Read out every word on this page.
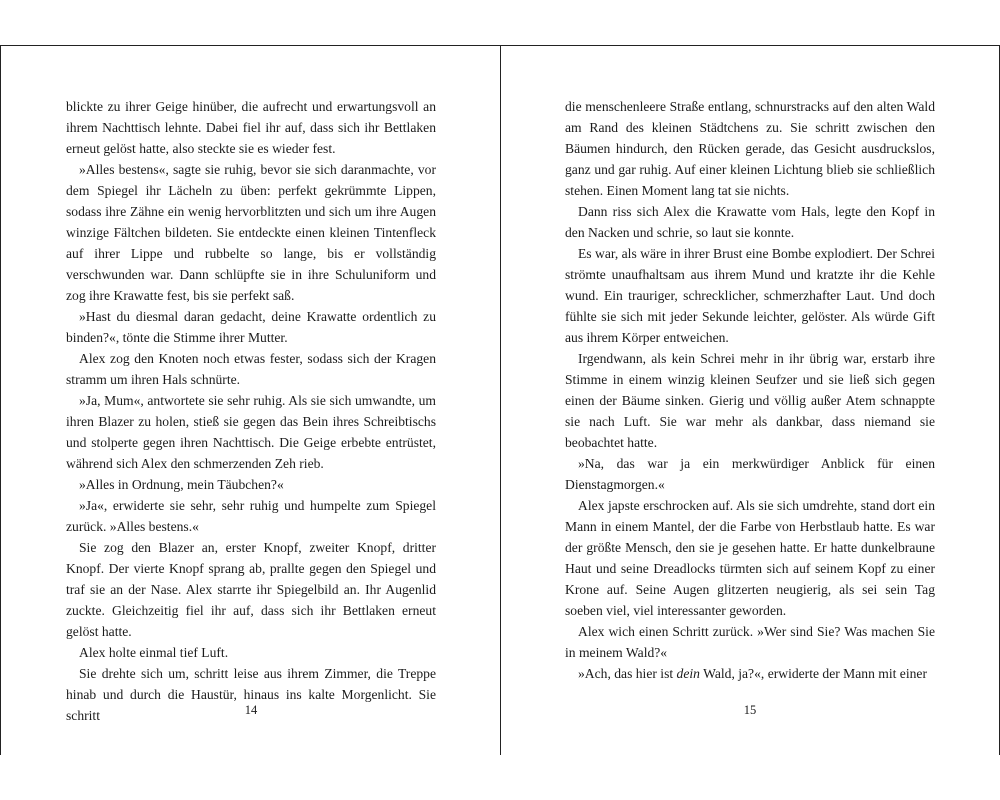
blickte zu ihrer Geige hinüber, die aufrecht und erwartungsvoll an ihrem Nachttisch lehnte. Dabei fiel ihr auf, dass sich ihr Bettlaken erneut gelöst hatte, also steckte sie es wieder fest.

»Alles bestens«, sagte sie ruhig, bevor sie sich daranmachte, vor dem Spiegel ihr Lächeln zu üben: perfekt gekrümmte Lippen, sodass ihre Zähne ein wenig hervorblitzten und sich um ihre Augen winzige Fältchen bildeten. Sie entdeckte einen kleinen Tintenfleck auf ihrer Lippe und rubbelte so lange, bis er vollständig verschwunden war. Dann schlüpfte sie in ihre Schuluniform und zog ihre Krawatte fest, bis sie perfekt saß.

»Hast du diesmal daran gedacht, deine Krawatte ordentlich zu binden?«, tönte die Stimme ihrer Mutter.

Alex zog den Knoten noch etwas fester, sodass sich der Kragen stramm um ihren Hals schnürte.

»Ja, Mum«, antwortete sie sehr ruhig. Als sie sich umwandte, um ihren Blazer zu holen, stieß sie gegen das Bein ihres Schreibtischs und stolperte gegen ihren Nachttisch. Die Geige erbebte entrüstet, während sich Alex den schmerzenden Zeh rieb.

»Alles in Ordnung, mein Täubchen?«

»Ja«, erwiderte sie sehr, sehr ruhig und humpelte zum Spiegel zurück. »Alles bestens.«

Sie zog den Blazer an, erster Knopf, zweiter Knopf, dritter Knopf. Der vierte Knopf sprang ab, prallte gegen den Spiegel und traf sie an der Nase. Alex starrte ihr Spiegelbild an. Ihr Augenlid zuckte. Gleichzeitig fiel ihr auf, dass sich ihr Bettlaken erneut gelöst hatte.

Alex holte einmal tief Luft.

Sie drehte sich um, schritt leise aus ihrem Zimmer, die Treppe hinab und durch die Haustür, hinaus ins kalte Morgenlicht. Sie schritt	14

die menschenleere Straße entlang, schnurstracks auf den alten Wald am Rand des kleinen Städtchens zu. Sie schritt zwischen den Bäumen hindurch, den Rücken gerade, das Gesicht ausdruckslos, ganz und gar ruhig. Auf einer kleinen Lichtung blieb sie schließlich stehen. Einen Moment lang tat sie nichts.

Dann riss sich Alex die Krawatte vom Hals, legte den Kopf in den Nacken und schrie, so laut sie konnte.

Es war, als wäre in ihrer Brust eine Bombe explodiert. Der Schrei strömte unaufhaltsam aus ihrem Mund und kratzte ihr die Kehle wund. Ein trauriger, schrecklicher, schmerzhafter Laut. Und doch fühlte sie sich mit jeder Sekunde leichter, gelöster. Als würde Gift aus ihrem Körper entweichen.

Irgendwann, als kein Schrei mehr in ihr übrig war, erstarb ihre Stimme in einem winzig kleinen Seufzer und sie ließ sich gegen einen der Bäume sinken. Gierig und völlig außer Atem schnappte sie nach Luft. Sie war mehr als dankbar, dass niemand sie beobachtet hatte.

»Na, das war ja ein merkwürdiger Anblick für einen Dienstagmorgen.«

Alex japste erschrocken auf. Als sie sich umdrehte, stand dort ein Mann in einem Mantel, der die Farbe von Herbstlaub hatte. Es war der größte Mensch, den sie je gesehen hatte. Er hatte dunkelbraune Haut und seine Dreadlocks türmten sich auf seinem Kopf zu einer Krone auf. Seine Augen glitzerten neugierig, als sei sein Tag soeben viel, viel interessanter geworden.

Alex wich einen Schritt zurück. »Wer sind Sie? Was machen Sie in meinem Wald?«

»Ach, das hier ist dein Wald, ja?«, erwiderte der Mann mit einer

15
